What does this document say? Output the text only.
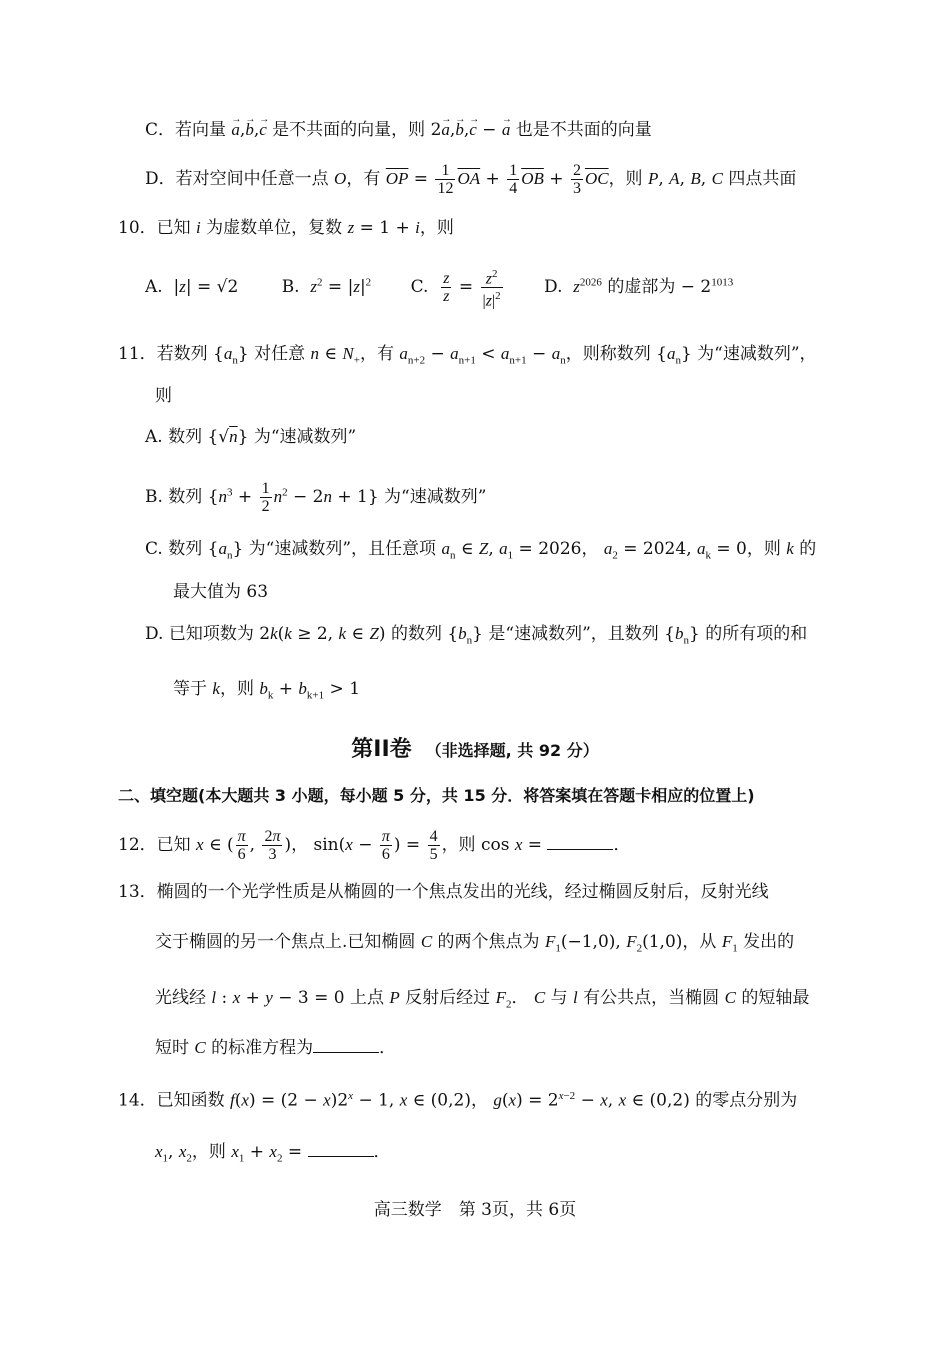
C．若向量 → a,→ b,→ c 是不共面的向量，则 2→ a,→ b,→ c − → a 也是不共面的向量
D．若对空间中任意一点 O，有 $\overline{OP} = \frac{1}{12} \overline{OA} + \frac{1}{4} \overline{OB} + \frac{2}{3} \overline{OC}$，则 P, A, B, C 四点共面
10．已知 i 为虚数单位，复数 z = 1 + i，则
A.  |z| = √2	B.  $z^2 = |z|^2$ C. $\frac{z}{z} = \frac{z^2}{|z|^2} D$.  $z^{2026}$ 的虚部为 − $2^{1013}$
11．若数列 $\{a_n\}$ 对任意 n ∈ $N_+$，有 $a_{n+2} - a_{n+1} < a_{n+1} - a_n$，则称数列 $\{a_n\}$ 为“速减数列”，
则
A. 数列 {√n} 为“速减数列”
B. 数列 $\{n^3 + \frac{1}{2} n^2 - 2n + 1\}$ 为“速减数列”
C. 数列 $\{a_n\}$ 为“速减数列”，且任意项 $a_n$ ∈ Z, $a_1 = 2026$， $a_2 = 2024$, $a_k = 0$，则 k 的
最大值为 63
D. 已知项数为 2k(k ≥ 2, k ∈ Z) 的数列 $\{b_n\}$ 是“速减数列”，且数列 $\{b_n\}$ 的所有项的和
等于 k，则 $b_k + b_{k+1} > 1$
第II卷 （非选择题, 共 92 分）
二、填空题(本大题共 3 小题，每小题 5 分，共 15 分．将答案填在答题卡相应的位置上)
12．已知 x ∈ ( $\frac{\pi}{6}$ , $\frac{2\pi}{3}$ )， $\sin(x - \frac{\pi}{6}$ ) = $\frac{4}{5}$ ，则 cos x =	．
13．椭圆的一个光学性质是从椭圆的一个焦点发出的光线，经过椭圆反射后，反射光线
交于椭圆的另一个焦点上.已知椭圆 C 的两个焦点为 $F_1(-1,0)$, $F_2(1,0)$，从 $F_1$ 发出的
光线经 l : x + y − 3 = 0 上点 P 反射后经过 $F_2$． C 与 l 有公共点，当椭圆 C 的短轴最
短时 C 的标准方程为	．
14．已知函数 $f(x) = (2 - x)2^x - 1$, x ∈ (0,2)， $g(x) = 2^{x-2} - x$, x ∈ (0,2) 的零点分别为
$x_1$, $x_2$，则 $x_1 + x_2$ =	．
高三数学　第 3页，共 6页
